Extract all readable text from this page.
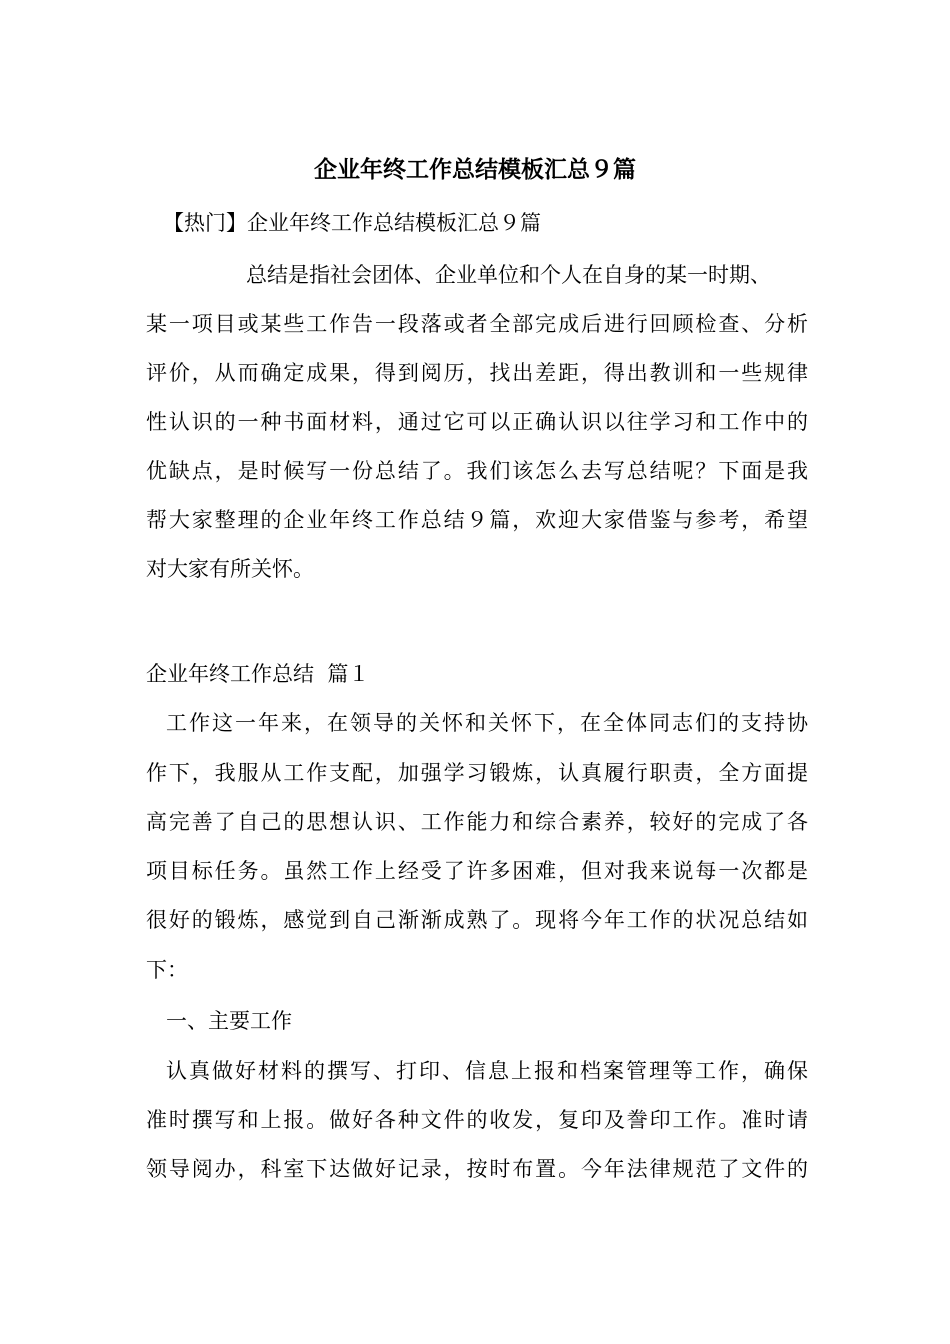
企业年终工作总结模板汇总９篇
【热门】企业年终工作总结模板汇总９篇
总结是指社会团体、企业单位和个人在自身的某一时期、
某一项目或某些工作告一段落或者全部完成后进行回顾检查、分析
评价，从而确定成果，得到阅历，找出差距，得出教训和一些规律
性认识的一种书面材料，通过它可以正确认识以往学习和工作中的
优缺点，是时候写一份总结了。我们该怎么去写总结呢？下面是我
帮大家整理的企业年终工作总结９篇，欢迎大家借鉴与参考，希望
对大家有所关怀。
企业年终工作总结  篇１
工作这一年来，在领导的关怀和关怀下，在全体同志们的支持协
作下，我服从工作支配，加强学习锻炼，认真履行职责，全方面提
高完善了自己的思想认识、工作能力和综合素养，较好的完成了各
项目标任务。虽然工作上经受了许多困难，但对我来说每一次都是
很好的锻炼，感觉到自己渐渐成熟了。现将今年工作的状况总结如
下：
一、主要工作
认真做好材料的撰写、打印、信息上报和档案管理等工作，确保
准时撰写和上报。做好各种文件的收发，复印及誊印工作。准时请
领导阅办，科室下达做好记录，按时布置。今年法律规范了文件的
